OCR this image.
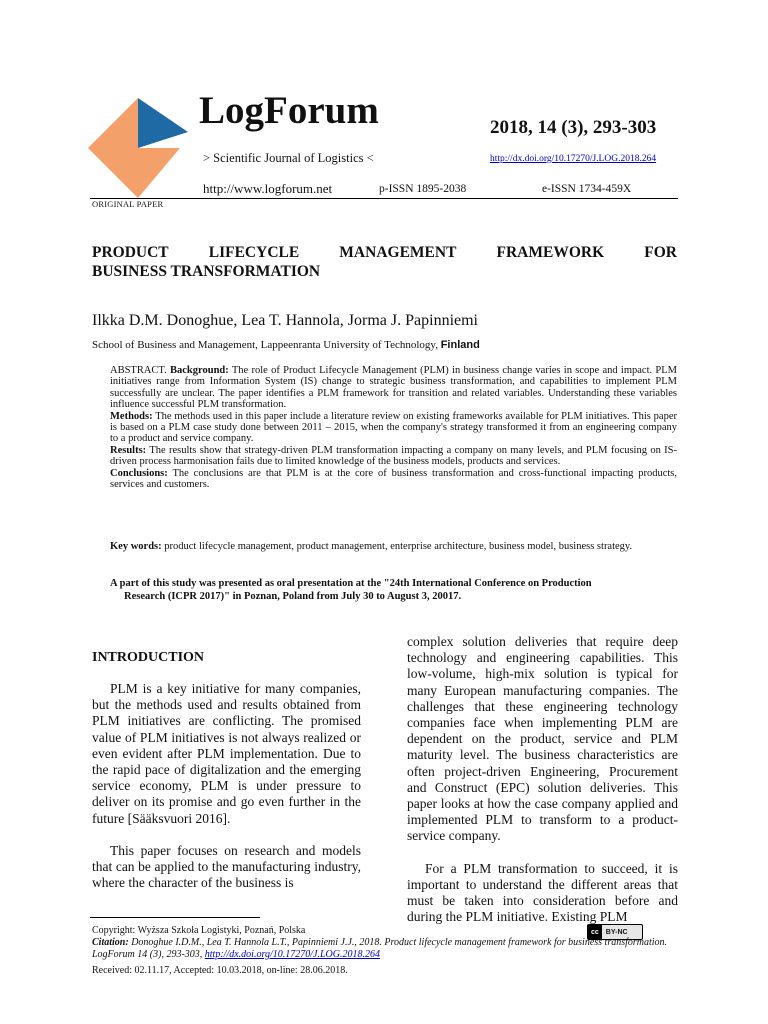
LogForum
> Scientific Journal of Logistics <
2018, 14 (3), 293-303
http://dx.doi.org/10.17270/J.LOG.2018.264
http://www.logforum.net	p-ISSN 1895-2038	e-ISSN 1734-459X
ORIGINAL PAPER
PRODUCT	LIFECYCLE	MANAGEMENT	FRAMEWORK	FOR
BUSINESS TRANSFORMATION
Ilkka D.M. Donoghue, Lea T. Hannola, Jorma J. Papinniemi
School of Business and Management, Lappeenranta University of Technology, Finland

ABSTRACT. Background: The role of Product Lifecycle Management (PLM) in business change varies in scope and impact. PLM initiatives range from Information System (IS) change to strategic business transformation, and capabilities to implement PLM successfully are unclear. The paper identifies a PLM framework for transition and related variables. Understanding these variables influence successful PLM transformation.

Methods: The methods used in this paper include a literature review on existing frameworks available for PLM initiatives. This paper is based on a PLM case study done between 2011 – 2015, when the company's strategy transformed it from an engineering company to a product and service company.

Results: The results show that strategy-driven PLM transformation impacting a company on many levels, and PLM focusing on IS-driven process harmonisation fails due to limited knowledge of the business models, products and services.

Conclusions: The conclusions are that PLM is at the core of business transformation and cross-functional impacting products, services and customers.

Key words: product lifecycle management, product management, enterprise architecture, business model, business strategy.
A part of this study was presented as oral presentation at the "24th International Conference on Production
Research (ICPR 2017)" in Poznan, Poland from July 30 to August 3, 20017.
INTRODUCTION

PLM is a key initiative for many companies, but the methods used and results obtained from PLM initiatives are conflicting. The promised value of PLM initiatives is not always realized or even evident after PLM implementation. Due to the rapid pace of digitalization and the emerging service economy, PLM is under pressure to deliver on its promise and go even further in the future [Sääksvuori 2016].

This paper focuses on research and models that can be applied to the manufacturing industry, where the character of the business is

complex solution deliveries that require deep technology and engineering capabilities. This low-volume, high-mix solution is typical for many European manufacturing companies. The challenges that these engineering technology companies face when implementing PLM are dependent on the product, service and PLM maturity level. The business characteristics are often project-driven Engineering, Procurement and Construct (EPC) solution deliveries. This paper looks at how the case company applied and implemented PLM to transform to a product-service company.

For a PLM transformation to succeed, it is important to understand the different areas that must be taken into consideration before and during the PLM initiative. Existing PLM

Copyright: Wyższa Szkoła Logistyki, Poznań, Polska	cc	BY-NC
Citation: Donoghue I.D.M., Lea T. Hannola L.T., Papinniemi J.J., 2018. Product lifecycle management framework for business transformation. LogForum 14 (3), 293-303, http://dx.doi.org/10.17270/J.LOG.2018.264
Received: 02.11.17, Accepted: 10.03.2018, on-line: 28.06.2018.
